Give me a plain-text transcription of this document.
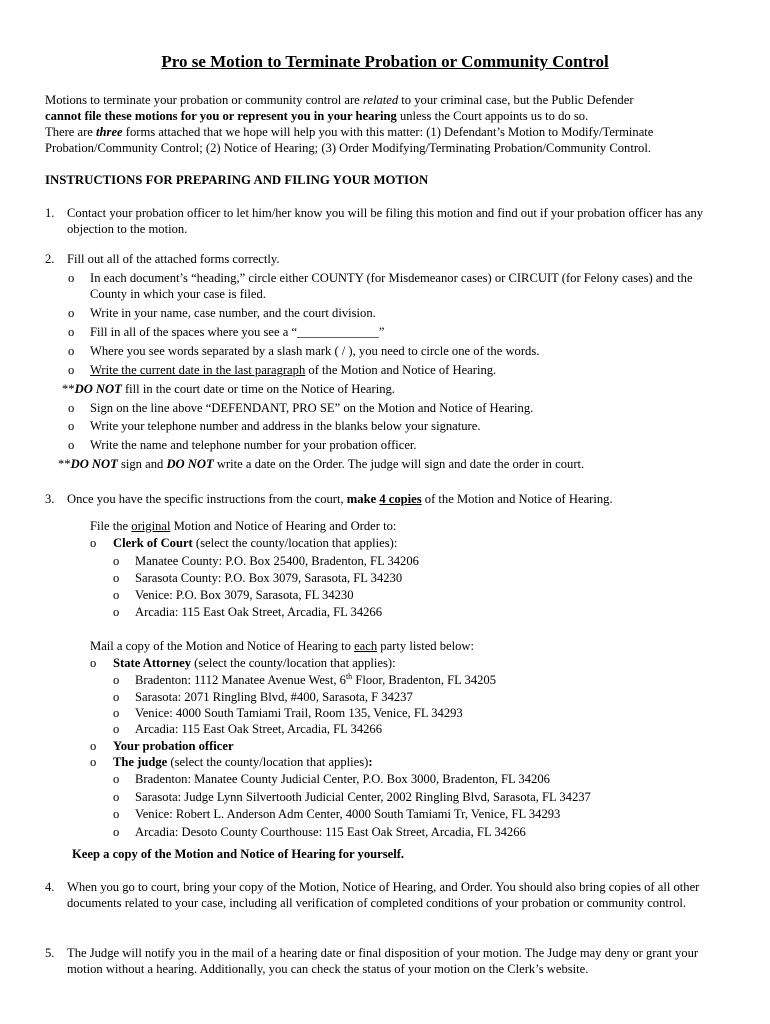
Pro se Motion to Terminate Probation or Community Control

Motions to terminate your probation or community control are related to your criminal case, but the Public Defender

cannot file these motions for you or represent you in your hearing unless the Court appoints us to do so.

There are three forms attached that we hope will help you with this matter: (1) Defendant’s Motion to Modify/Terminate Probation/Community Control; (2) Notice of Hearing; (3) Order Modifying/Terminating Probation/Community Control.

INSTRUCTIONS FOR PREPARING AND FILING YOUR MOTION
1. Contact your probation officer to let him/her know you will be filing this motion and find out if your probation officer has any objection to the motion.
2. Fill out all of the attached forms correctly.
o	In each document’s “heading,” circle either COUNTY (for Misdemeanor cases) or CIRCUIT (for Felony cases) and the County in which your case is filed.
o	Write in your name, case number, and the court division.
o	Fill in all of the spaces where you see a “_____________”
o	Where you see words separated by a slash mark ( / ), you need to circle one of the words.
o	Write the current date in the last paragraph of the Motion and Notice of Hearing.
**DO NOT fill in the court date or time on the Notice of Hearing.
o	Sign on the line above “DEFENDANT, PRO SE” on the Motion and Notice of Hearing.
o	Write your telephone number and address in the blanks below your signature.
o	Write the name and telephone number for your probation officer.
**DO NOT sign and DO NOT write a date on the Order. The judge will sign and date the order in court.
3. Once you have the specific instructions from the court, make 4 copies of the Motion and Notice of Hearing.
File the original Motion and Notice of Hearing and Order to:
o	Clerk of Court (select the county/location that applies):
o	Manatee County: P.O. Box 25400, Bradenton, FL 34206
o	Sarasota County: P.O. Box 3079, Sarasota, FL 34230
o	Venice: P.O. Box 3079, Sarasota, FL 34230
o	Arcadia: 115 East Oak Street, Arcadia, FL 34266
Mail a copy of the Motion and Notice of Hearing to each party listed below:
o	State Attorney (select the county/location that applies):
o	Bradenton: 1112 Manatee Avenue West, 6th Floor, Bradenton, FL 34205
o	Sarasota: 2071 Ringling Blvd, #400, Sarasota, F 34237
o	Venice: 4000 South Tamiami Trail, Room 135, Venice, FL 34293
o	Arcadia: 115 East Oak Street, Arcadia, FL 34266
o	Your probation officer
o	The judge (select the county/location that applies):
o	Bradenton: Manatee County Judicial Center, P.O. Box 3000, Bradenton, FL 34206
o	Sarasota: Judge Lynn Silvertooth Judicial Center, 2002 Ringling Blvd, Sarasota, FL 34237
o	Venice: Robert L. Anderson Adm Center, 4000 South Tamiami Tr, Venice, FL 34293
o	Arcadia: Desoto County Courthouse: 115 East Oak Street, Arcadia, FL 34266
Keep a copy of the Motion and Notice of Hearing for yourself.
4. When you go to court, bring your copy of the Motion, Notice of Hearing, and Order. You should also bring copies of all other documents related to your case, including all verification of completed conditions of your probation or community control.
5. The Judge will notify you in the mail of a hearing date or final disposition of your motion. The Judge may deny or grant your motion without a hearing. Additionally, you can check the status of your motion on the Clerk’s website.
